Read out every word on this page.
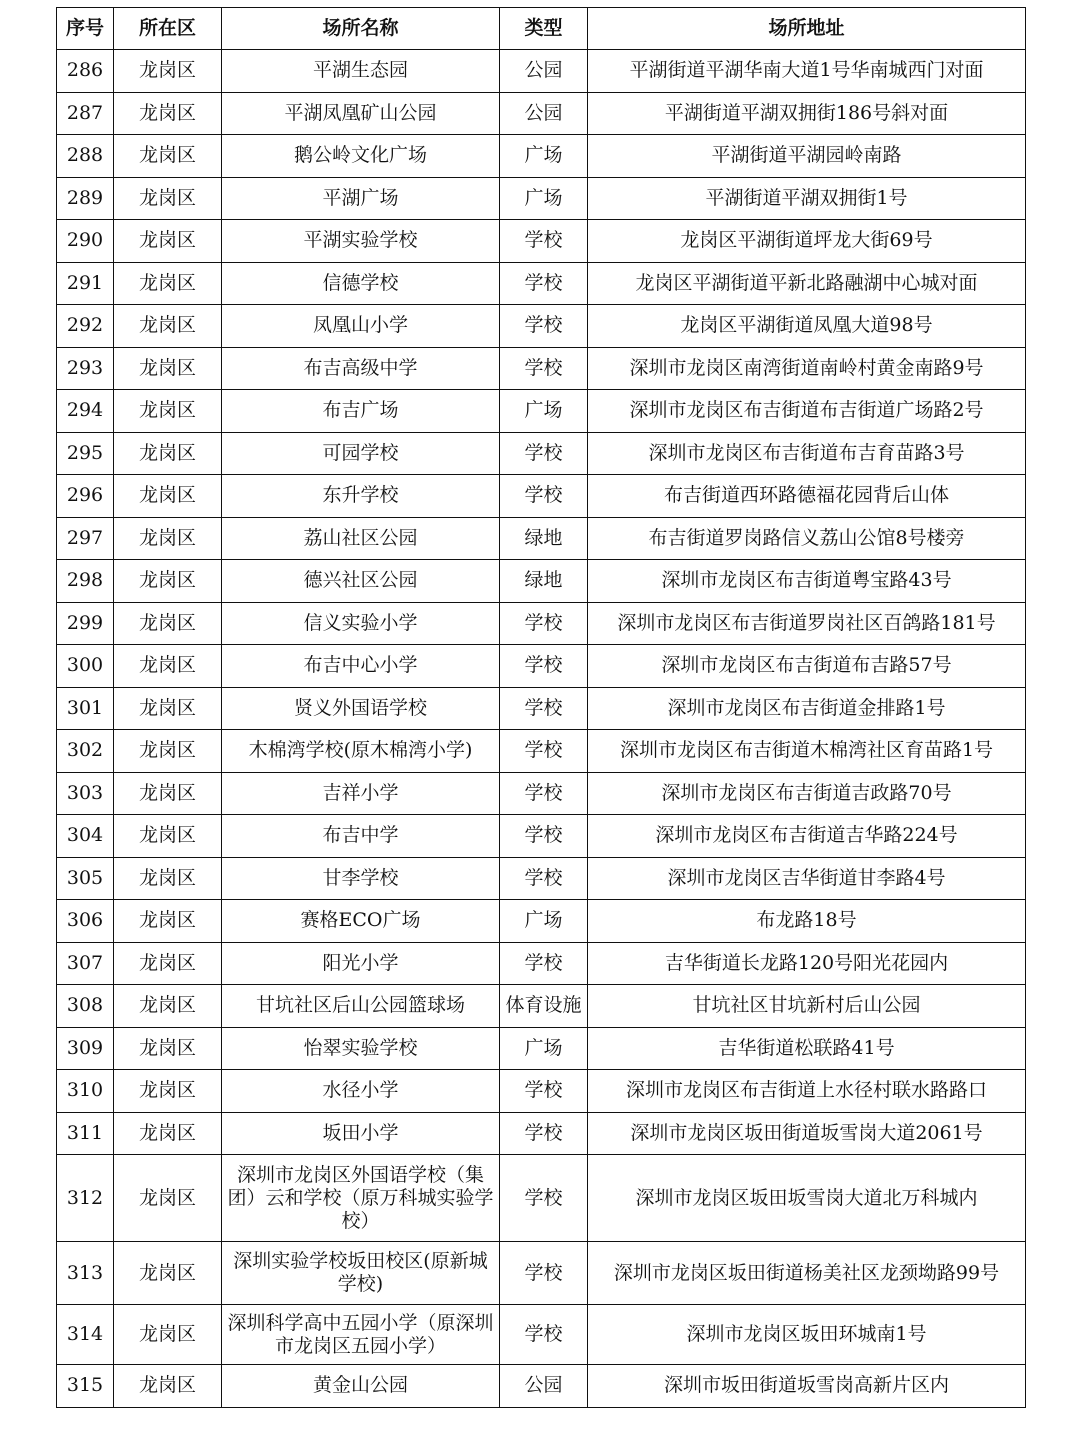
序号	所在区	场所名称	类型	场所地址
286	龙岗区	平湖生态园	公园	平湖街道平湖华南大道1号华南城西门对面
287	龙岗区	平湖凤凰矿山公园	公园	平湖街道平湖双拥街186号斜对面
288	龙岗区	鹅公岭文化广场	广场	平湖街道平湖园岭南路
289	龙岗区	平湖广场	广场	平湖街道平湖双拥街1号
290	龙岗区	平湖实验学校	学校	龙岗区平湖街道坪龙大街69号
291	龙岗区	信德学校	学校	龙岗区平湖街道平新北路融湖中心城对面
292	龙岗区	凤凰山小学	学校	龙岗区平湖街道凤凰大道98号
293	龙岗区	布吉高级中学	学校	深圳市龙岗区南湾街道南岭村黄金南路9号
294	龙岗区	布吉广场	广场	深圳市龙岗区布吉街道布吉街道广场路2号
295	龙岗区	可园学校	学校	深圳市龙岗区布吉街道布吉育苗路3号
296	龙岗区	东升学校	学校	布吉街道西环路德福花园背后山体
297	龙岗区	荔山社区公园	绿地	布吉街道罗岗路信义荔山公馆8号楼旁
298	龙岗区	德兴社区公园	绿地	深圳市龙岗区布吉街道粤宝路43号
299	龙岗区	信义实验小学	学校	深圳市龙岗区布吉街道罗岗社区百鸽路181号
300	龙岗区	布吉中心小学	学校	深圳市龙岗区布吉街道布吉路57号
301	龙岗区	贤义外国语学校	学校	深圳市龙岗区布吉街道金排路1号
302	龙岗区	木棉湾学校(原木棉湾小学)	学校	深圳市龙岗区布吉街道木棉湾社区育苗路1号
303	龙岗区	吉祥小学	学校	深圳市龙岗区布吉街道吉政路70号
304	龙岗区	布吉中学	学校	深圳市龙岗区布吉街道吉华路224号
305	龙岗区	甘李学校	学校	深圳市龙岗区吉华街道甘李路4号
306	龙岗区	赛格ECO广场	广场	布龙路18号
307	龙岗区	阳光小学	学校	吉华街道长龙路120号阳光花园内
308	龙岗区	甘坑社区后山公园篮球场	体育设施	甘坑社区甘坑新村后山公园
309	龙岗区	怡翠实验学校	广场	吉华街道松联路41号
310	龙岗区	水径小学	学校	深圳市龙岗区布吉街道上水径村联水路路口
311	龙岗区	坂田小学	学校	深圳市龙岗区坂田街道坂雪岗大道2061号
312	龙岗区	深圳市龙岗区外国语学校（集团）云和学校（原万科城实验学校）	学校	深圳市龙岗区坂田坂雪岗大道北万科城内
313	龙岗区	深圳实验学校坂田校区(原新城学校)	学校	深圳市龙岗区坂田街道杨美社区龙颈坳路99号
314	龙岗区	深圳科学高中五园小学（原深圳市龙岗区五园小学）	学校	深圳市龙岗区坂田环城南1号
315	龙岗区	黄金山公园	公园	深圳市坂田街道坂雪岗高新片区内
